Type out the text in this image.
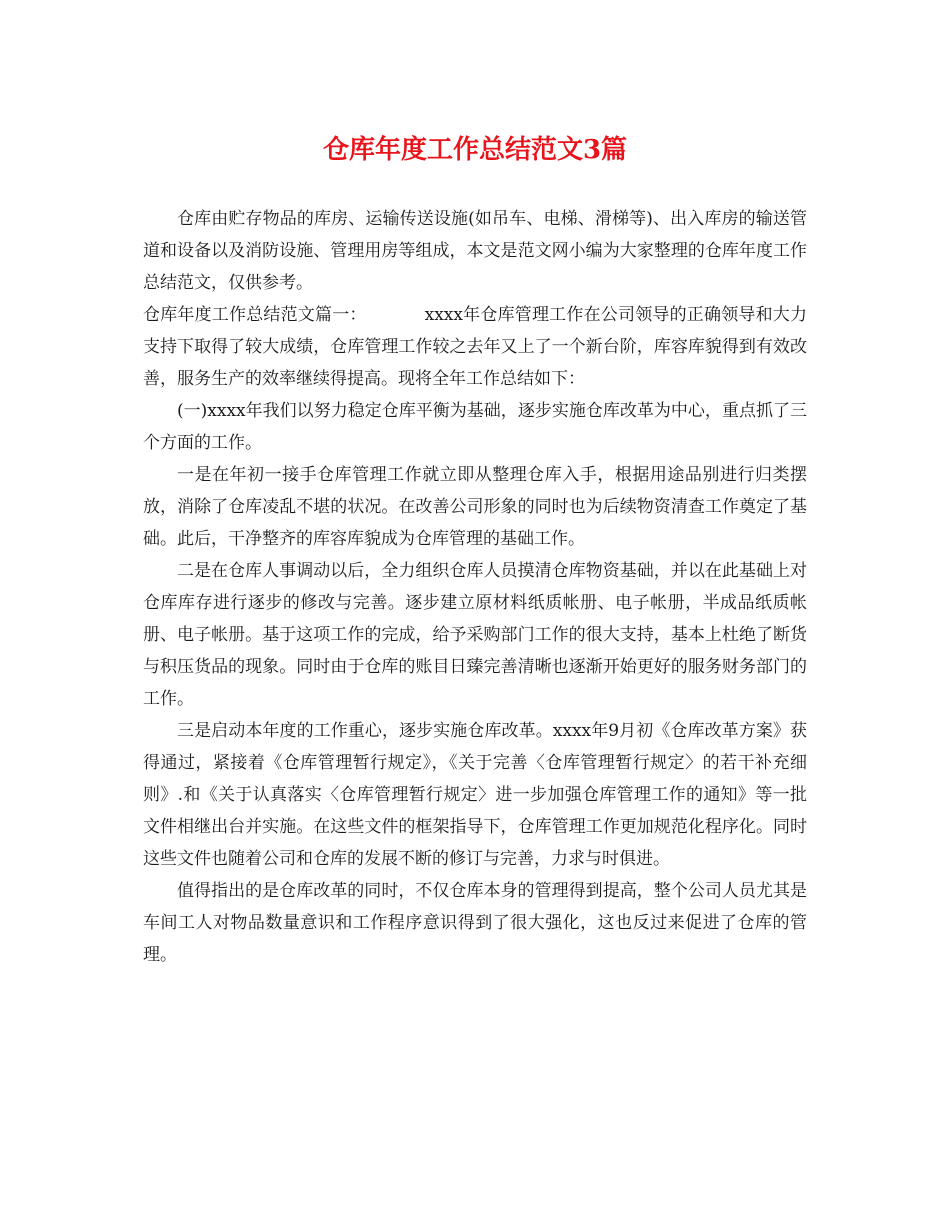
仓库年度工作总结范文3篇

仓库由贮存物品的库房、运输传送设施(如吊车、电梯、滑梯等)、出入库房的输送管道和设备以及消防设施、管理用房等组成，本文是范文网小编为大家整理的仓库年度工作总结范文，仅供参考。

仓库年度工作总结范文篇一：	xxxx年仓库管理工作在公司领导的正确领导和大力支持下取得了较大成绩，仓库管理工作较之去年又上了一个新台阶，库容库貌得到有效改善，服务生产的效率继续得提高。现将全年工作总结如下：

(一)xxxx年我们以努力稳定仓库平衡为基础，逐步实施仓库改革为中心，重点抓了三个方面的工作。

一是在年初一接手仓库管理工作就立即从整理仓库入手，根据用途品别进行归类摆放，消除了仓库凌乱不堪的状况。在改善公司形象的同时也为后续物资清查工作奠定了基础。此后，干净整齐的库容库貌成为仓库管理的基础工作。

二是在仓库人事调动以后，全力组织仓库人员摸清仓库物资基础，并以在此基础上对仓库库存进行逐步的修改与完善。逐步建立原材料纸质帐册、电子帐册，半成品纸质帐册、电子帐册。基于这项工作的完成，给予采购部门工作的很大支持，基本上杜绝了断货与积压货品的现象。同时由于仓库的账目日臻完善清晰也逐渐开始更好的服务财务部门的工作。

三是启动本年度的工作重心，逐步实施仓库改革。xxxx年9月初《仓库改革方案》获得通过，紧接着《仓库管理暂行规定》，《关于完善〈仓库管理暂行规定〉的若干补充细则》.和《关于认真落实〈仓库管理暂行规定〉进一步加强仓库管理工作的通知》等一批文件相继出台并实施。在这些文件的框架指导下，仓库管理工作更加规范化程序化。同时这些文件也随着公司和仓库的发展不断的修订与完善，力求与时俱进。

值得指出的是仓库改革的同时，不仅仓库本身的管理得到提高，整个公司人员尤其是车间工人对物品数量意识和工作程序意识得到了很大强化，这也反过来促进了仓库的管理。
